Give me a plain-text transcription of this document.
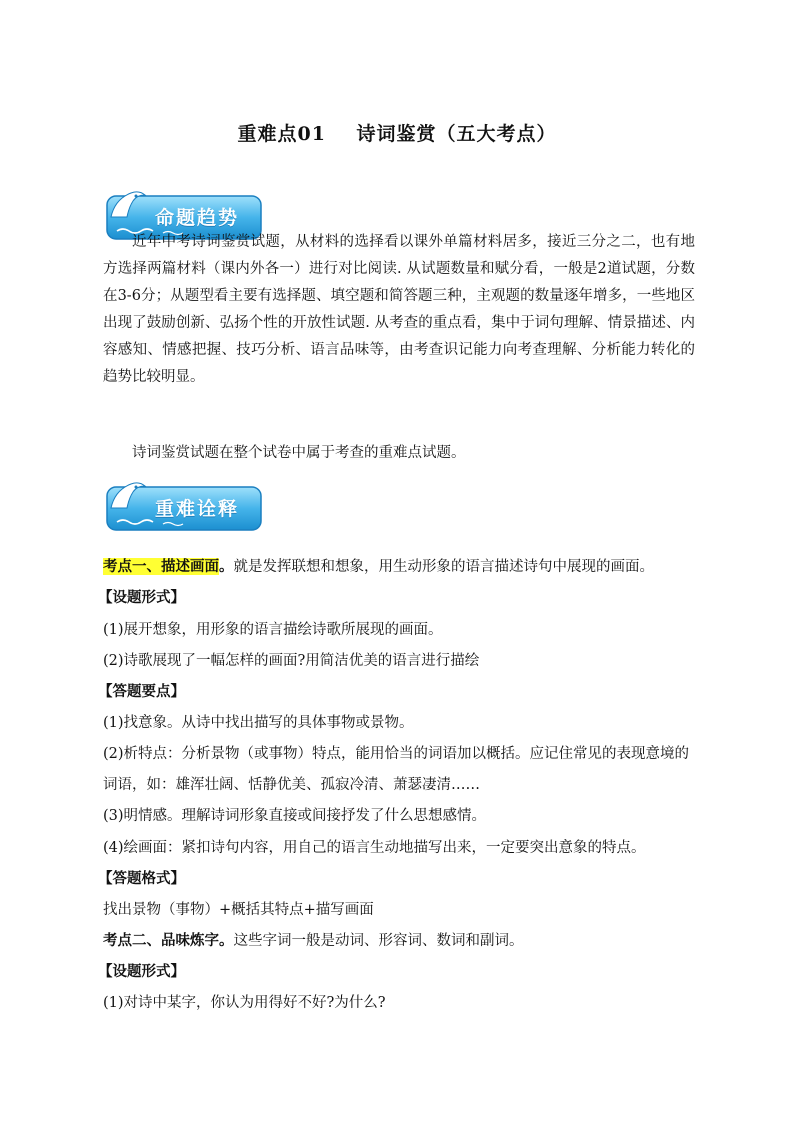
重难点01    诗词鉴赏（五大考点）
命题趋势
近年中考诗词鉴赏试题，从材料的选择看以课外单篇材料居多，接近三分之二，也有地方选择两篇材料（课内外各一）进行对比阅读. 从试题数量和赋分看，一般是2道试题，分数在3-6分；从题型看主要有选择题、填空题和简答题三种，主观题的数量逐年增多，一些地区出现了鼓励创新、弘扬个性的开放性试题. 从考查的重点看，集中于词句理解、情景描述、内容感知、情感把握、技巧分析、语言品味等，由考查识记能力向考查理解、分析能力转化的趋势比较明显。
诗词鉴赏试题在整个试卷中属于考查的重难点试题。
重难诠释
考点一、描述画面。就是发挥联想和想象，用生动形象的语言描述诗句中展现的画面。
【设题形式】
(1)展开想象，用形象的语言描绘诗歌所展现的画面。
(2)诗歌展现了一幅怎样的画面?用简洁优美的语言进行描绘
【答题要点】
(1)找意象。从诗中找出描写的具体事物或景物。
(2)析特点：分析景物（或事物）特点，能用恰当的词语加以概括。应记住常见的表现意境的词语，如：雄浑壮阔、恬静优美、孤寂冷清、萧瑟凄清……
(3)明情感。理解诗词形象直接或间接抒发了什么思想感情。
(4)绘画面：紧扣诗句内容，用自己的语言生动地描写出来，一定要突出意象的特点。
【答题格式】
找出景物（事物）+概括其特点+描写画面
考点二、品味炼字。这些字词一般是动词、形容词、数词和副词。
【设题形式】
(1)对诗中某字，你认为用得好不好?为什么?
